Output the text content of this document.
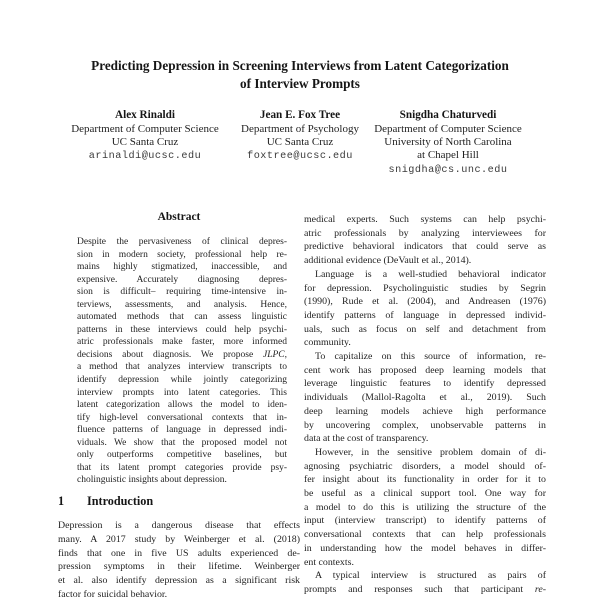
Predicting Depression in Screening Interviews from Latent Categorization
of Interview Prompts
Alex Rinaldi
Department of Computer Science
UC Santa Cruz
arinaldi@ucsc.edu
Jean E. Fox Tree
Department of Psychology
UC Santa Cruz
foxtree@ucsc.edu
Snigdha Chaturvedi
Department of Computer Science
University of North Carolina
at Chapel Hill
snigdha@cs.unc.edu
Abstract
Despite the pervasiveness of clinical depres-
sion in modern society, professional help re-
mains highly stigmatized, inaccessible, and
expensive. Accurately diagnosing depres-
sion is difficult– requiring time-intensive in-
terviews, assessments, and analysis. Hence,
automated methods that can assess linguistic
patterns in these interviews could help psychi-
atric professionals make faster, more informed
decisions about diagnosis. We propose JLPC,
a method that analyzes interview transcripts to
identify depression while jointly categorizing
interview prompts into latent categories. This
latent categorization allows the model to iden-
tify high-level conversational contexts that in-
fluence patterns of language in depressed indi-
viduals. We show that the proposed model not
only outperforms competitive baselines, but
that its latent prompt categories provide psy-
cholinguistic insights about depression.
1 Introduction
Depression is a dangerous disease that effects
many. A 2017 study by Weinberger et al. (2018)
finds that one in five US adults experienced de-
pression symptoms in their lifetime. Weinberger
et al. also identify depression as a significant risk
factor for suicidal behavior.
medical experts. Such systems can help psychi-
atric professionals by analyzing interviewees for
predictive behavioral indicators that could serve as
additional evidence (DeVault et al., 2014).
Language is a well-studied behavioral indicator
for depression. Psycholinguistic studies by Segrin
(1990), Rude et al. (2004), and Andreasen (1976)
identify patterns of language in depressed individ-
uals, such as focus on self and detachment from
community.
To capitalize on this source of information, re-
cent work has proposed deep learning models that
leverage linguistic features to identify depressed
individuals (Mallol-Ragolta et al., 2019). Such
deep learning models achieve high performance
by uncovering complex, unobservable patterns in
data at the cost of transparency.
However, in the sensitive problem domain of di-
agnosing psychiatric disorders, a model should of-
fer insight about its functionality in order for it to
be useful as a clinical support tool. One way for
a model to do this is utilizing the structure of the
input (interview transcript) to identify patterns of
conversational contexts that can help professionals
in understanding how the model behaves in differ-
ent contexts.
A typical interview is structured as pairs of
prompts and responses such that participant re-
